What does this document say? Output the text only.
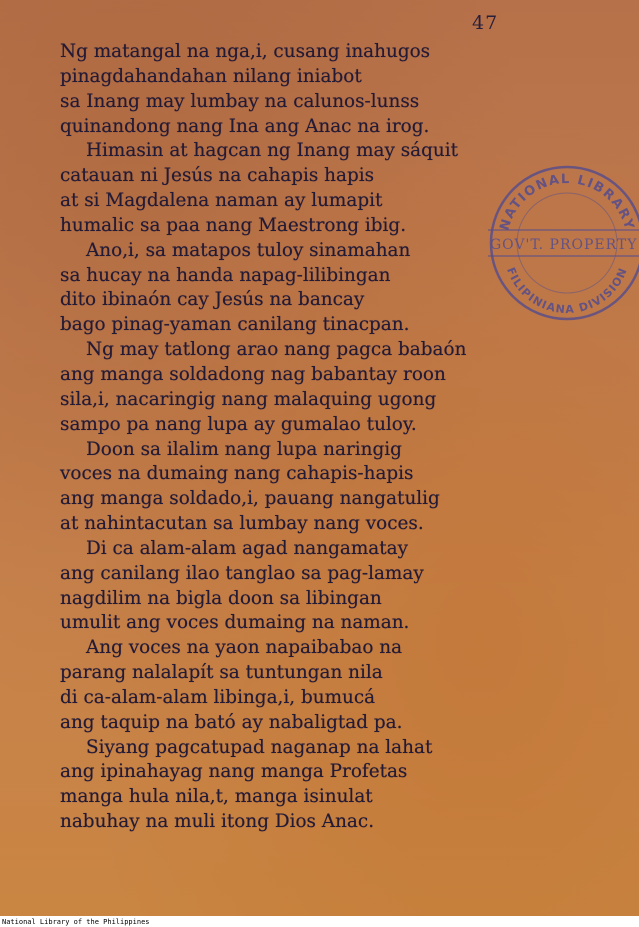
47
Ng matangal na nga,i, cusang inahugos
pinagdahandahan nilang iniabot
sa Inang may lumbay na calunos-lunss
quinandong nang Ina ang Anac na irog.
Himasin at hagcan ng Inang may sáquit
catauan ni Jesús na cahapis hapis
at si Magdalena naman ay lumapit
humalic sa paa nang Maestrong ibig.
Ano,i, sa matapos tuloy sinamahan
sa hucay na handa napag-lilibingan
dito ibinaón cay Jesús na bancay
bago pinag-yaman canilang tinacpan.
Ng may tatlong arao nang pagca babaón
ang manga soldadong nag babantay roon
sila,i, nacaringig nang malaquing ugong
sampo pa nang lupa ay gumalao tuloy.
Doon sa ilalim nang lupa naringig
voces na dumaing nang cahapis-hapis
ang manga soldado,i, pauang nangatulig
at nahintacutan sa lumbay nang voces.
Di ca alam-alam agad nangamatay
ang canilang ilao tanglao sa pag-lamay
nagdilim na bigla doon sa libingan
umulit ang voces dumaing na naman.
Ang voces na yaon napaibabao na
parang nalalapít sa tuntungan nila
di ca-alam-alam libinga,i, bumucá
ang taquip na bató ay nabaligtad pa.
Siyang pagcatupad naganap na lahat
ang ipinahayag nang manga Profetas
manga hula nila,t, manga isinulat
nabuhay na muli itong Dios Anac.
NATIONAL LIBRARY
FILIPINIANA DIVISION
GOV'T. PROPERTY
National Library of the Philippines
